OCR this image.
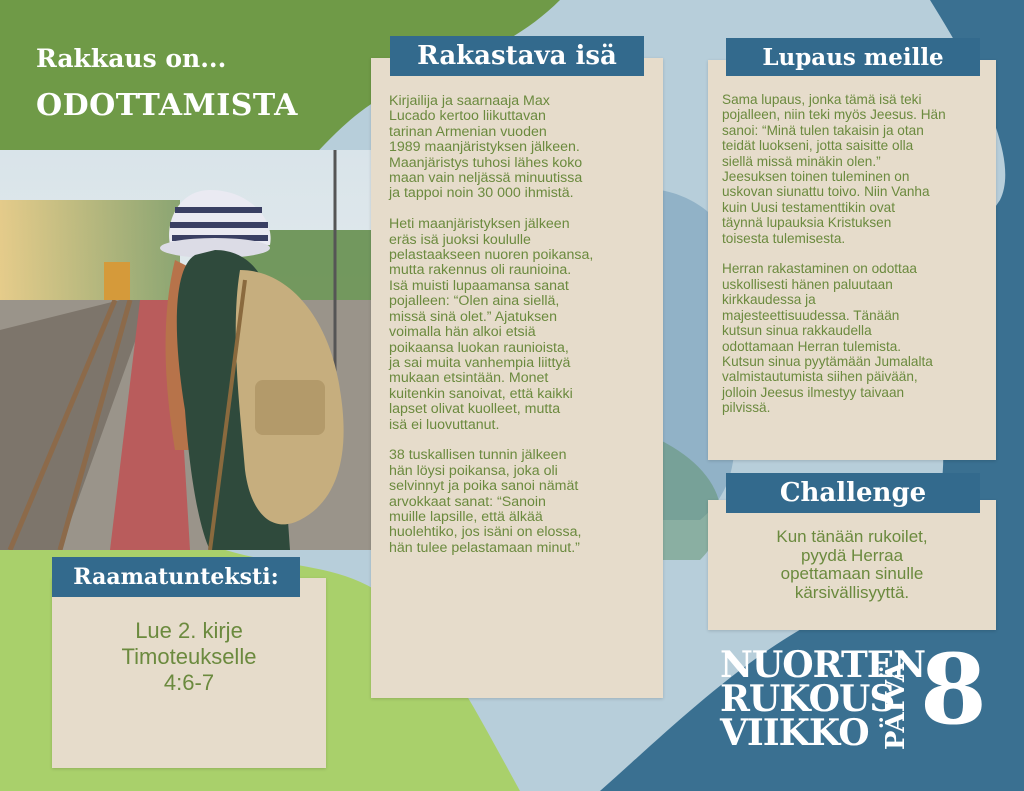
Rakkaus on...
ODOTTAMISTA	Kirjailija ja saarnaaja Max
Lucado kertoo liikuttavan
tarinan Armenian vuoden
1989 maanjäristyksen jälkeen.
Maanjäristys tuhosi lähes koko
maan vain neljässä minuutissa
ja tappoi noin 30 000 ihmistä.

Heti maanjäristyksen jälkeen
eräs isä juoksi koululle
pelastaakseen nuoren poikansa,
mutta rakennus oli raunioina.
Isä muisti lupaamansa sanat
pojalleen: “Olen aina siellä,
missä sinä olet.” Ajatuksen
voimalla hän alkoi etsiä
poikaansa luokan raunioista,
ja sai muita vanhempia liittyä
mukaan etsintään. Monet
kuitenkin sanoivat, että kaikki
lapset olivat kuolleet, mutta
isä ei luovuttanut.

38 tuskallisen tunnin jälkeen
hän löysi poikansa, joka oli
selvinnyt ja poika sanoi nämät
arvokkaat sanat: “Sanoin
muille lapsille, että älkää
huolehtiko, jos isäni on elossa,
hän tulee pelastamaan minut.”
Rakastava isä
Sama lupaus, jonka tämä isä teki
pojalleen, niin teki myös Jeesus. Hän
sanoi: “Minä tulen takaisin ja otan
teidät luokseni, jotta saisitte olla
siellä missä minäkin olen.”
Jeesuksen toinen tuleminen on
uskovan siunattu toivo. Niin Vanha
kuin Uusi testamenttikin ovat
täynnä lupauksia Kristuksen
toisesta tulemisesta.

Herran rakastaminen on odottaa
uskollisesti hänen paluutaan
kirkkaudessa ja
majesteettisuudessa. Tänään
kutsun sinua rakkaudella
odottamaan Herran tulemista.
Kutsun sinua pyytämään Jumalalta
valmistautumista siihen päivään,
jolloin Jeesus ilmestyy taivaan
pilvissä.
Lupaus meille
Kun tänään rukoilet,
pyydä Herraa
opettamaan sinulle
kärsivällisyyttä.
Challenge
Lue 2. kirje
Timoteukselle
4:6-7
Raamatunteksti:
NUORTEN
RUKOUS
VIIKKO PÄIVÄ 8
